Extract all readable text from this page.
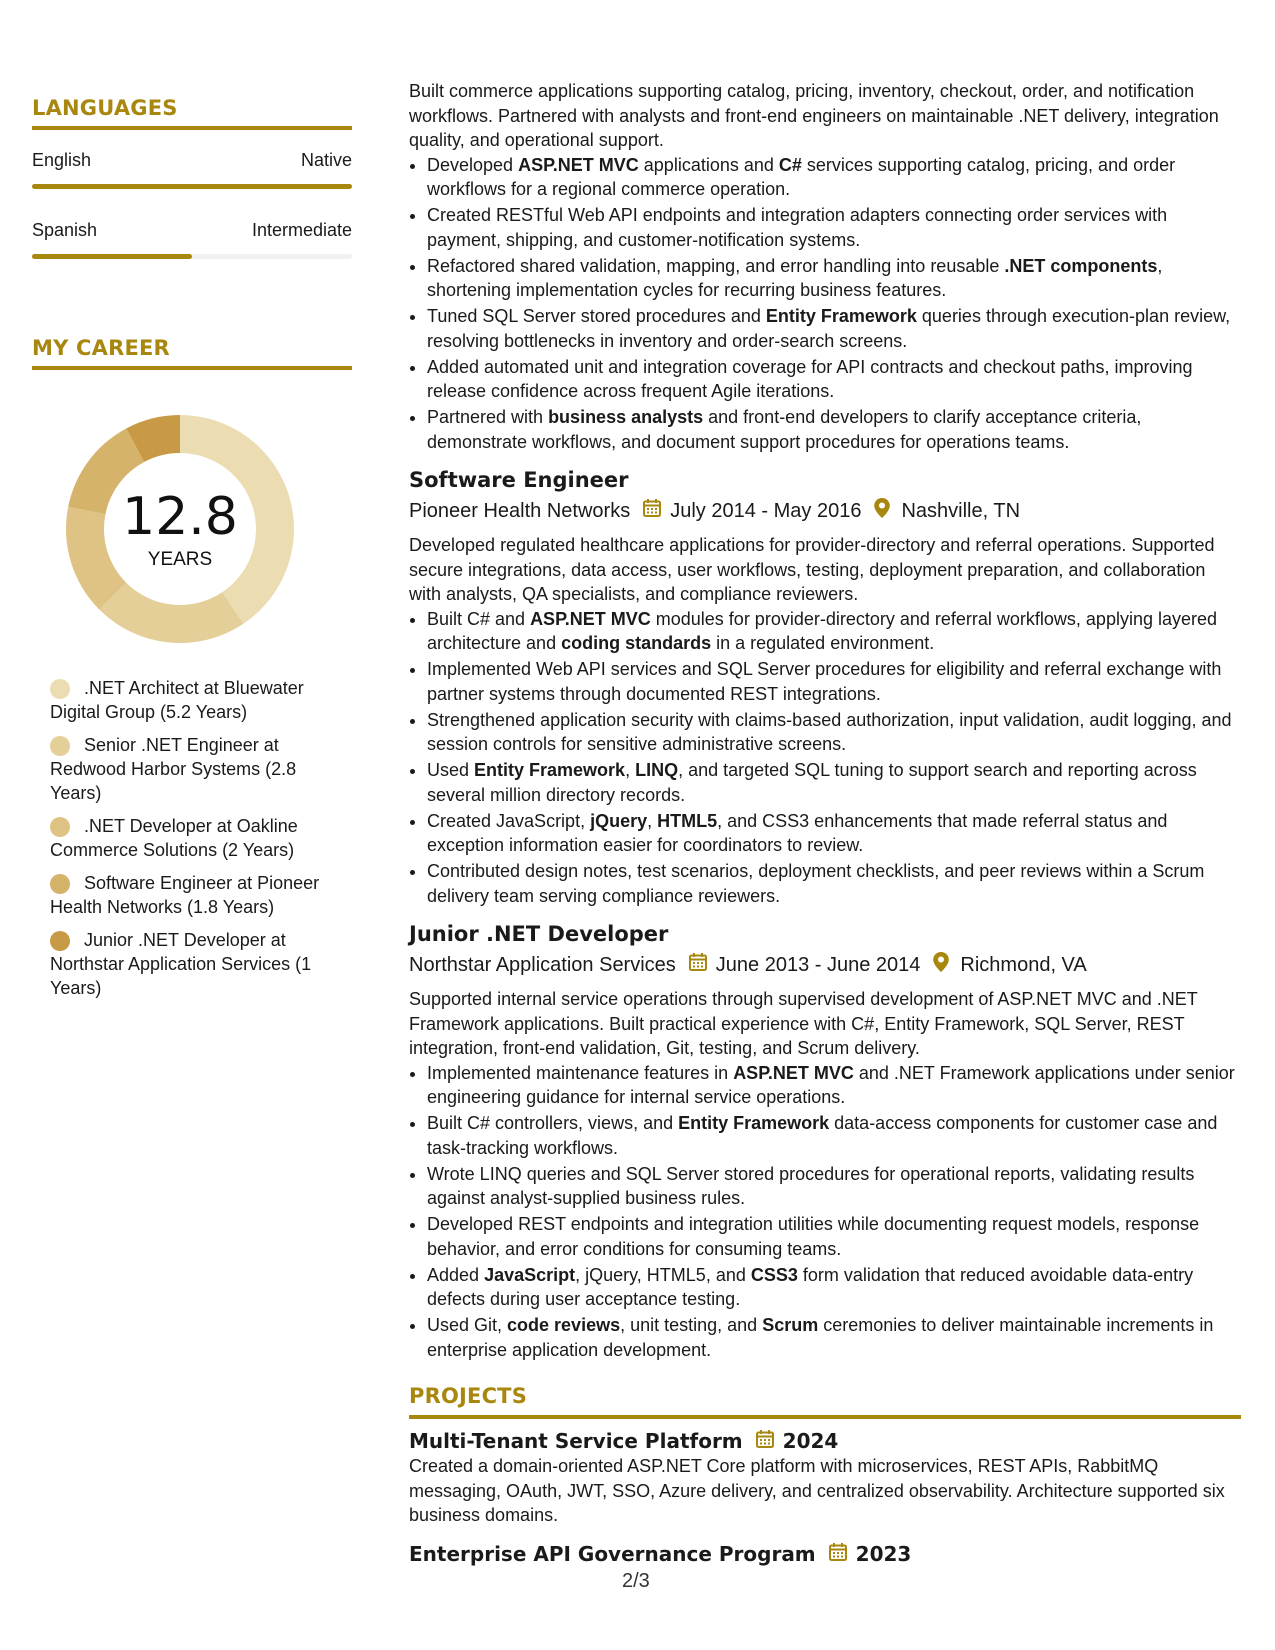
LANGUAGES
English	Native
Spanish	Intermediate
MY CAREER
12.8
YEARS
.NET Architect at Bluewater Digital Group (5.2 Years)
Senior .NET Engineer at Redwood Harbor Systems (2.8 Years)
.NET Developer at Oakline Commerce Solutions (2 Years)
Software Engineer at Pioneer Health Networks (1.8 Years)
Junior .NET Developer at Northstar Application Services (1 Years)

Built commerce applications supporting catalog, pricing, inventory, checkout, order, and notification workflows. Partnered with analysts and front-end engineers on maintainable .NET delivery, integration quality, and operational support.

• Developed ASP.NET MVC applications and C# services supporting catalog, pricing, and order workflows for a regional commerce operation.
• Created RESTful Web API endpoints and integration adapters connecting order services with payment, shipping, and customer-notification systems.
• Refactored shared validation, mapping, and error handling into reusable .NET components, shortening implementation cycles for recurring business features.
• Tuned SQL Server stored procedures and Entity Framework queries through execution-plan review, resolving bottlenecks in inventory and order-search screens.
• Added automated unit and integration coverage for API contracts and checkout paths, improving release confidence across frequent Agile iterations.
• Partnered with business analysts and front-end developers to clarify acceptance criteria, demonstrate workflows, and document support procedures for operations teams.
Software Engineer
Pioneer Health Networks July 2014 - May 2016 Nashville, TN

Developed regulated healthcare applications for provider-directory and referral operations. Supported secure integrations, data access, user workflows, testing, deployment preparation, and collaboration with analysts, QA specialists, and compliance reviewers.

• Built C# and ASP.NET MVC modules for provider-directory and referral workflows, applying layered architecture and coding standards in a regulated environment.
• Implemented Web API services and SQL Server procedures for eligibility and referral exchange with partner systems through documented REST integrations.
• Strengthened application security with claims-based authorization, input validation, audit logging, and session controls for sensitive administrative screens.
• Used Entity Framework, LINQ, and targeted SQL tuning to support search and reporting across several million directory records.
• Created JavaScript, jQuery, HTML5, and CSS3 enhancements that made referral status and exception information easier for coordinators to review.
• Contributed design notes, test scenarios, deployment checklists, and peer reviews within a Scrum delivery team serving compliance reviewers.
Junior .NET Developer
Northstar Application Services June 2013 - June 2014 Richmond, VA

Supported internal service operations through supervised development of ASP.NET MVC and .NET Framework applications. Built practical experience with C#, Entity Framework, SQL Server, REST integration, front-end validation, Git, testing, and Scrum delivery.

• Implemented maintenance features in ASP.NET MVC and .NET Framework applications under senior engineering guidance for internal service operations.
• Built C# controllers, views, and Entity Framework data-access components for customer case and task-tracking workflows.
• Wrote LINQ queries and SQL Server stored procedures for operational reports, validating results against analyst-supplied business rules.
• Developed REST endpoints and integration utilities while documenting request models, response behavior, and error conditions for consuming teams.
• Added JavaScript, jQuery, HTML5, and CSS3 form validation that reduced avoidable data-entry defects during user acceptance testing.
• Used Git, code reviews, unit testing, and Scrum ceremonies to deliver maintainable increments in enterprise application development.
PROJECTS
Multi-Tenant Service Platform 2024

Created a domain-oriented ASP.NET Core platform with microservices, REST APIs, RabbitMQ messaging, OAuth, JWT, SSO, Azure delivery, and centralized observability. Architecture supported six business domains.

Enterprise API Governance Program 2023
2/3
